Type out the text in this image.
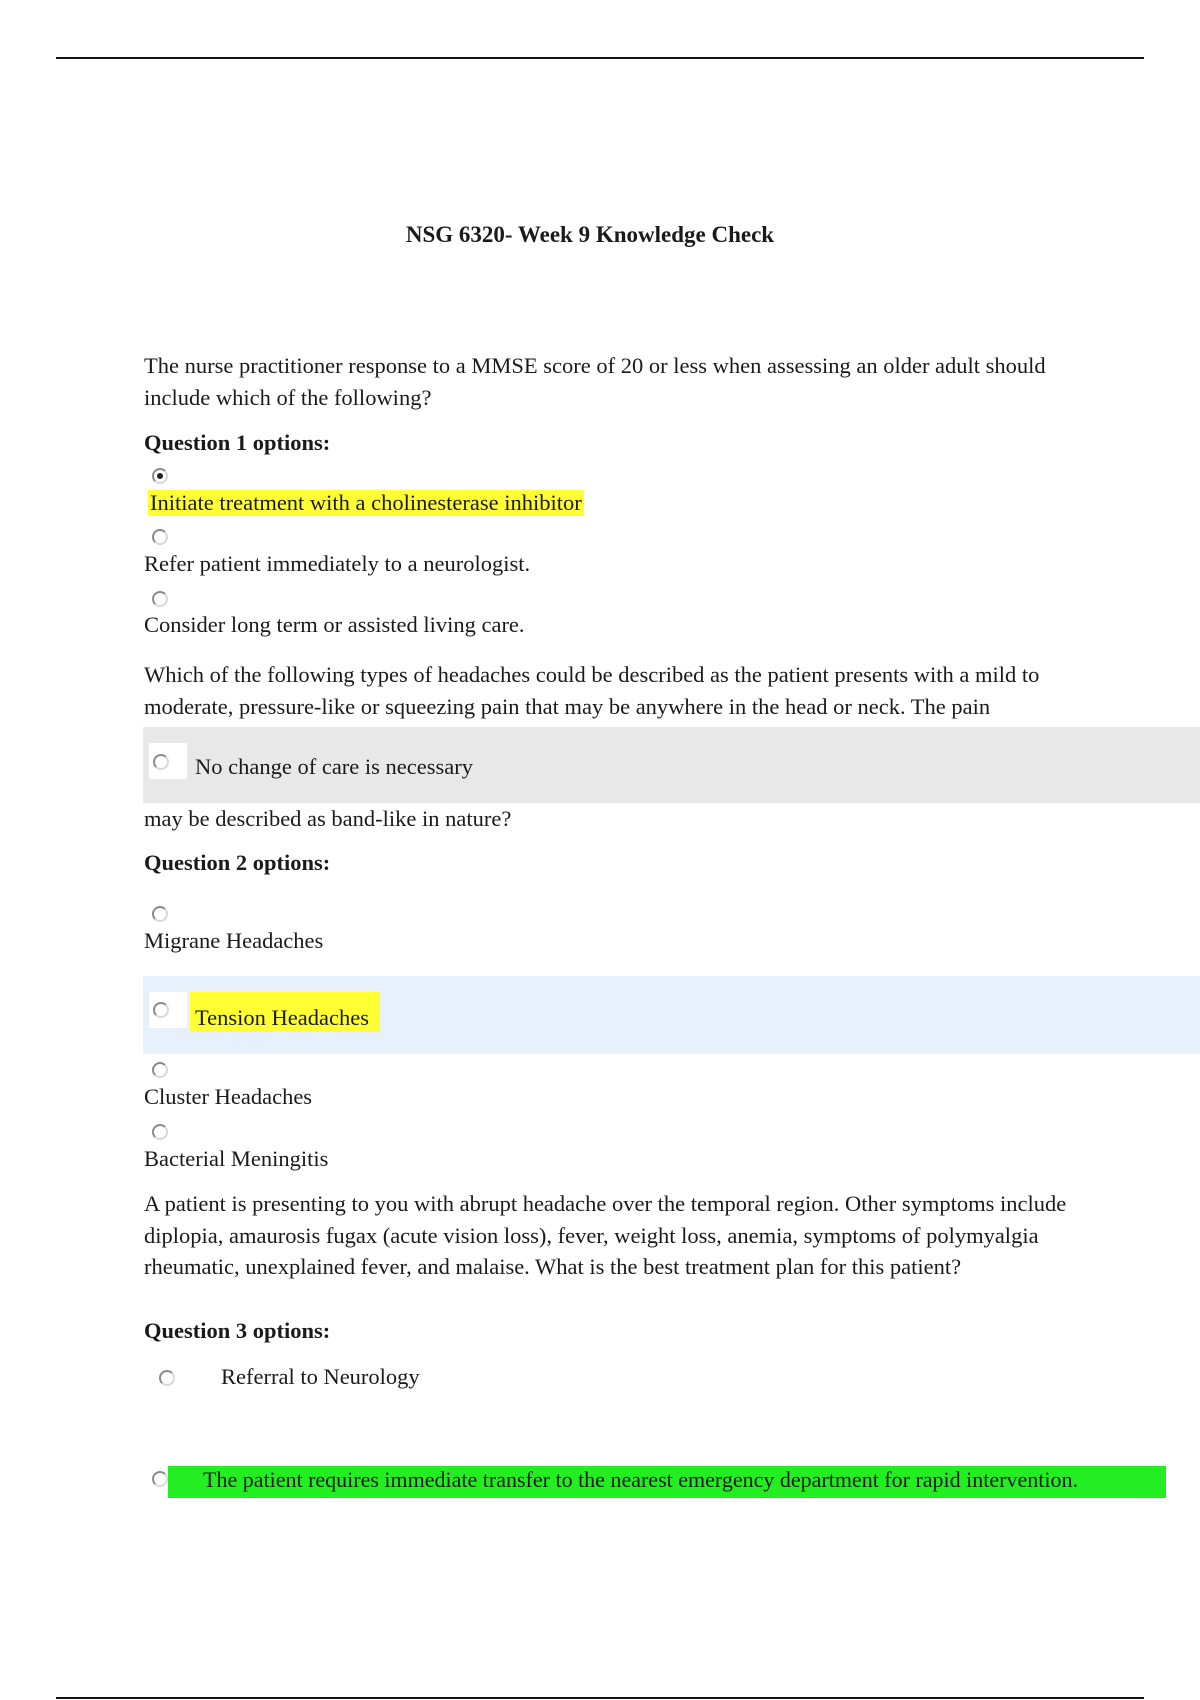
NSG 6320- Week 9 Knowledge Check

The nurse practitioner response to a MMSE score of 20 or less when assessing an older adult should include which of the following?

Question 1 options:

Initiate treatment with a cholinesterase inhibitor
Refer patient immediately to a neurologist.
Consider long term or assisted living care.

Which of the following types of headaches could be described as the patient presents with a mild to moderate, pressure-like or squeezing pain that may be anywhere in the head or neck. The pain

No change of care is necessary

may be described as band-like in nature?

Question 2 options:

Migrane Headaches
Tension Headaches
Cluster Headaches
Bacterial Meningitis

A patient is presenting to you with abrupt headache over the temporal region. Other symptoms include diplopia, amaurosis fugax (acute vision loss), fever, weight loss, anemia, symptoms of polymyalgia rheumatic, unexplained fever, and malaise. What is the best treatment plan for this patient?

Question 3 options:

Referral to Neurology
The patient requires immediate transfer to the nearest emergency department for rapid intervention.
